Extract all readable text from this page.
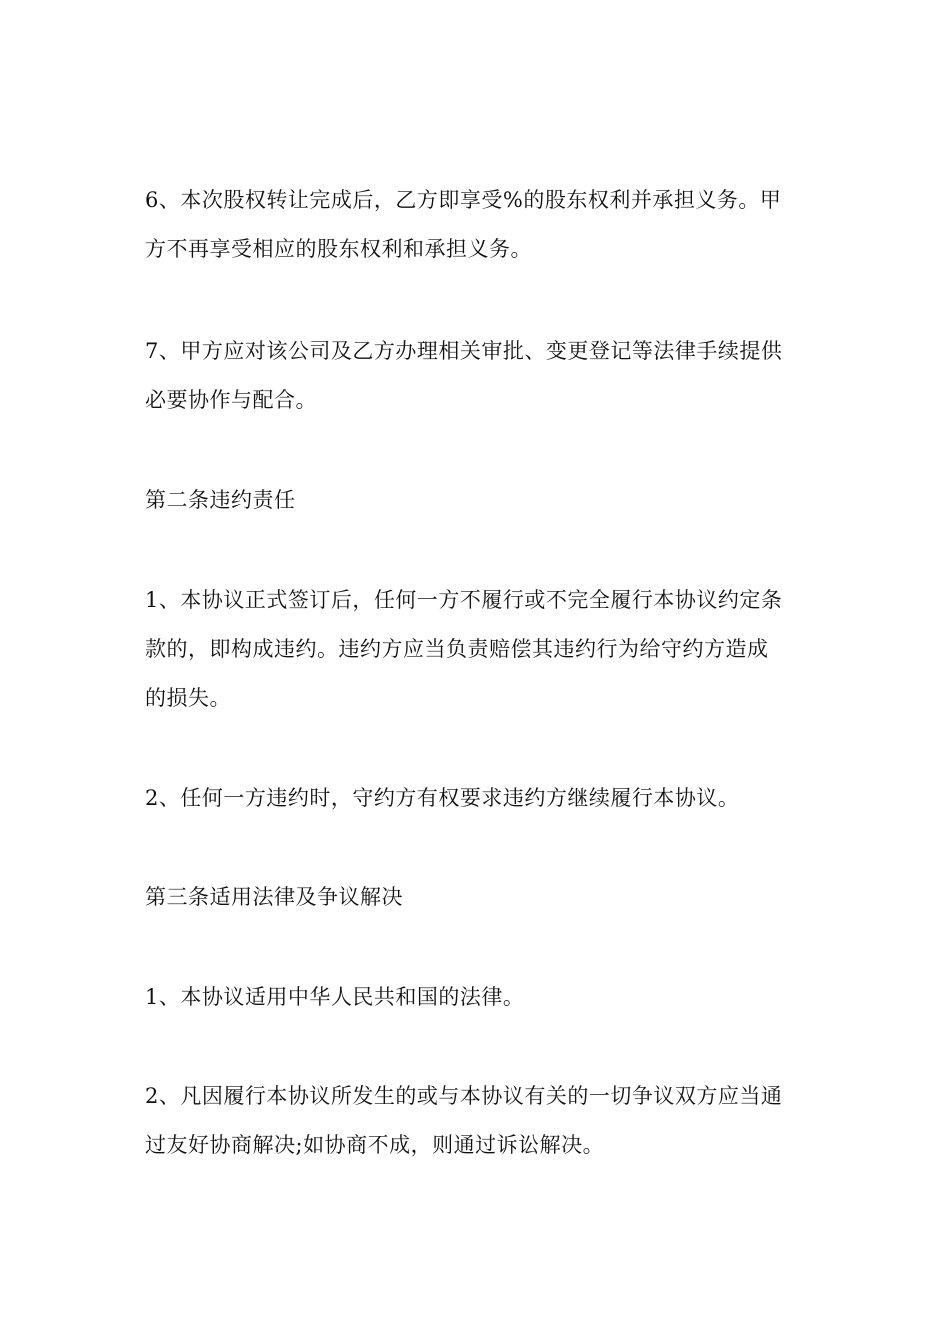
6、本次股权转让完成后，乙方即享受%的股东权利并承担义务。甲
方不再享受相应的股东权利和承担义务。

7、甲方应对该公司及乙方办理相关审批、变更登记等法律手续提供
必要协作与配合。

第二条违约责任

1、本协议正式签订后，任何一方不履行或不完全履行本协议约定条
款的，即构成违约。违约方应当负责赔偿其违约行为给守约方造成
的损失。

2、任何一方违约时，守约方有权要求违约方继续履行本协议。

第三条适用法律及争议解决

1、本协议适用中华人民共和国的法律。

2、凡因履行本协议所发生的或与本协议有关的一切争议双方应当通
过友好协商解决;如协商不成，则通过诉讼解决。
